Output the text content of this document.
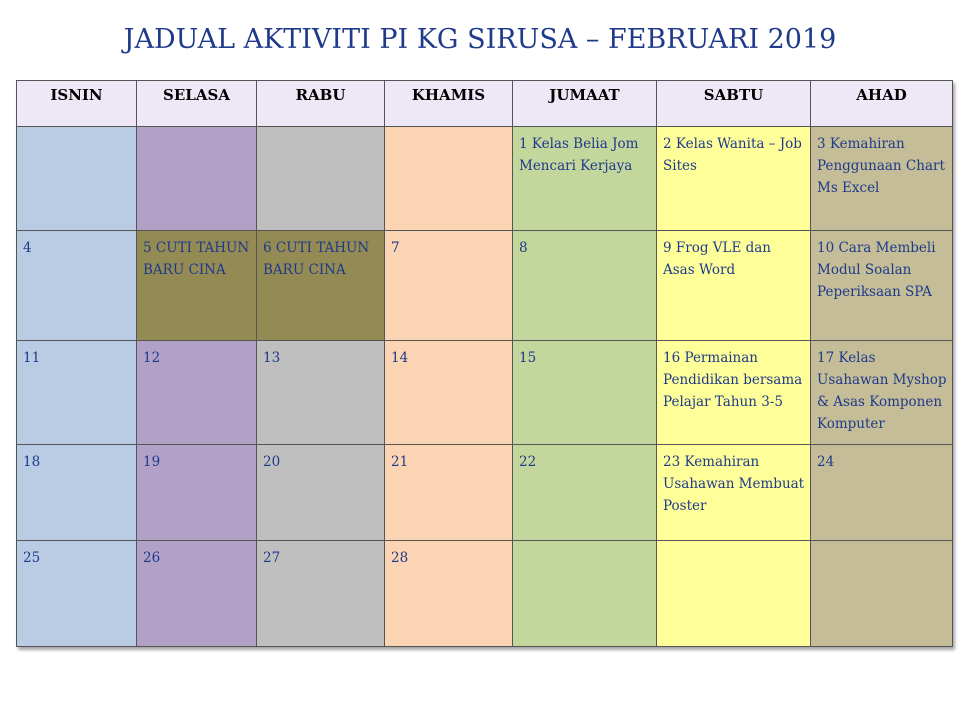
JADUAL AKTIVITI PI KG SIRUSA – FEBRUARI 2019
ISNIN	SELASA	RABU	KHAMIS	JUMAAT	SABTU	AHAD
				1 Kelas Belia Jom Mencari Kerjaya	2 Kelas Wanita – Job Sites	3 Kemahiran Penggunaan Chart Ms Excel
4	5 CUTI TAHUN BARU CINA	6 CUTI TAHUN BARU CINA	7	8	9 Frog VLE dan Asas Word	10 Cara Membeli Modul Soalan Peperiksaan SPA
11	12	13	14	15	16 Permainan Pendidikan bersama Pelajar Tahun 3-5	17 Kelas Usahawan Myshop & Asas Komponen Komputer
18	19	20	21	22	23 Kemahiran Usahawan Membuat Poster	24
25	26	27	28			
